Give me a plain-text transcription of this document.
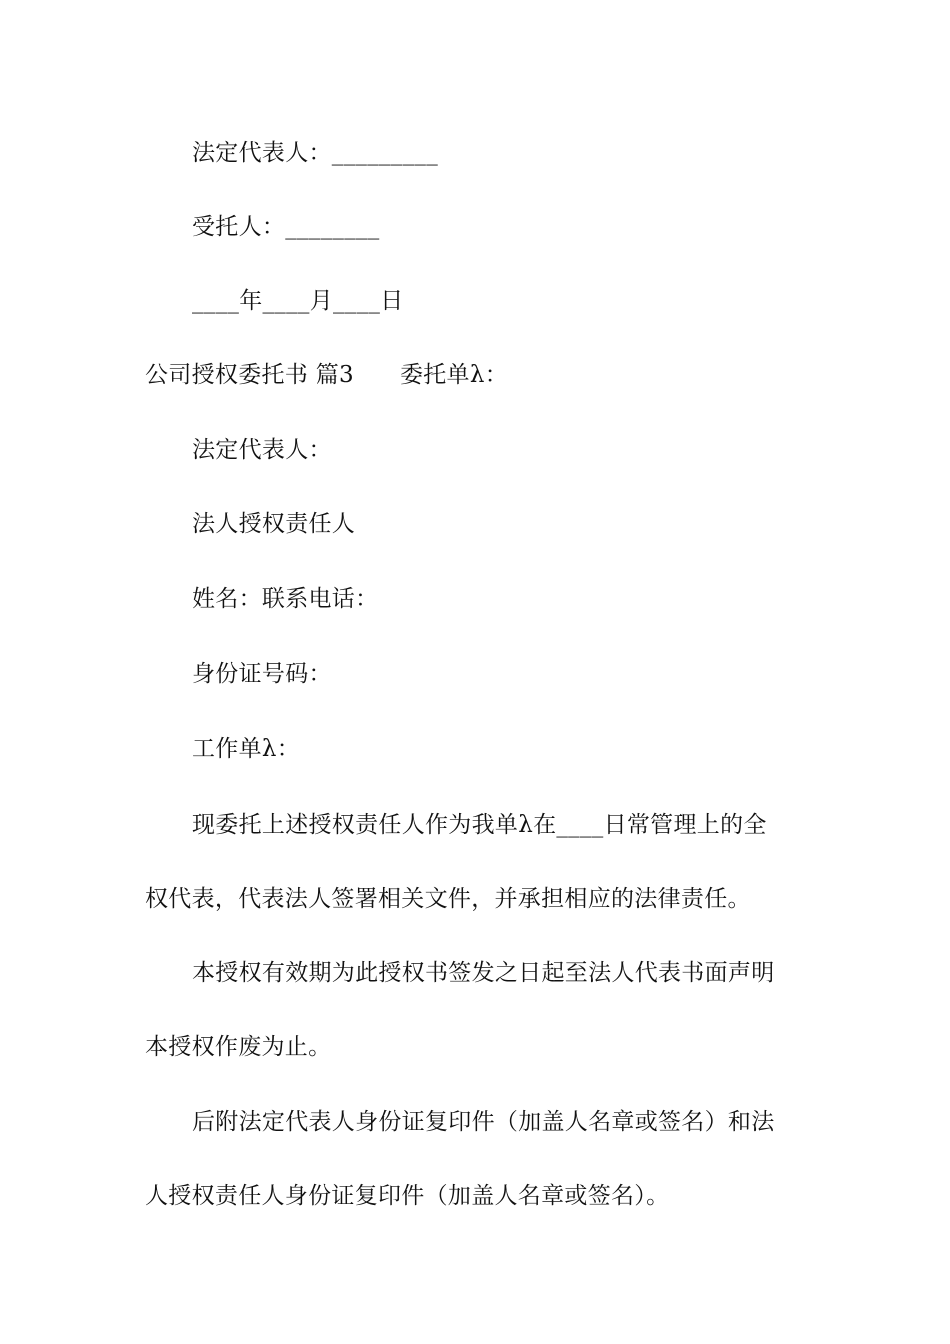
法定代表人：_________
受托人：________
____年____月____日
公司授权委托书 篇3 委托单λ：
法定代表人：
法人授权责任人
姓名：联系电话：
身份证号码：
工作单λ：
现委托上述授权责任人作为我单λ在____日常管理上的全
权代表，代表法人签署相关文件，并承担相应的法律责任。
本授权有效期为此授权书签发之日起至法人代表书面声明
本授权作废为止。
后附法定代表人身份证复印件（加盖人名章或签名）和法
人授权责任人身份证复印件（加盖人名章或签名）。
